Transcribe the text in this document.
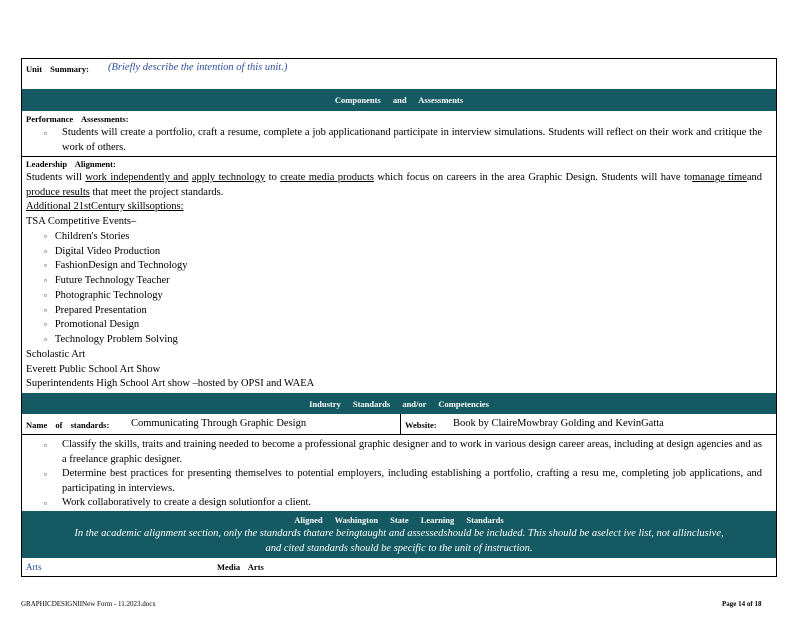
Unit Summary: (Briefly describe the intention of this unit.)
Components and Assessments
Performance Assessments:
▫ Students will create a portfolio, craft a resume, complete a job applicationand participate in interview simulations. Students will reflect on their work and critique the work of others.
Leadership Alignment:
Students will work independently and apply technology to create media products which focus on careers in the area Graphic Design. Students will have tomanage timeand produce results that meet the project standards.
Additional 21stCentury skillsoptions:
TSA Competitive Events–
▫ Children's Stories
▫ Digital Video Production
▫ FashionDesign and Technology
▫ Future Technology Teacher
▫ Photographic Technology
▫ Prepared Presentation
▫ Promotional Design
▫ Technology Problem Solving
Scholastic Art
Everett Public School Art Show
Superintendents High School Art show –hosted by OPSI and WAEA
Industry Standards and/or Competencies
Name of standards: Communicating Through Graphic Design	Website: Book by ClaireMowbray Golding and KevinGatta
▫ Classify the skills, traits and training needed to become a professional graphic designer and to work in various design career areas, including at design agencies and as a freelance graphic designer.
▫ Determine best practices for presenting themselves to potential employers, including establishing a portfolio, crafting a resu me, completing job applications, and participating in interviews.
▫ Work collaboratively to create a design solutionfor a client.
Aligned Washington State Learning Standards
In the academic alignment section, only the standards thatare beingtaught and assessedshould be included. This should be aselect ive list, not allinclusive,
and cited standards should be specific to the unit of instruction.
Arts	Media Arts
GRAPHICDESIGNIINew Form - 11.2023.docx	Page 14 of 18
